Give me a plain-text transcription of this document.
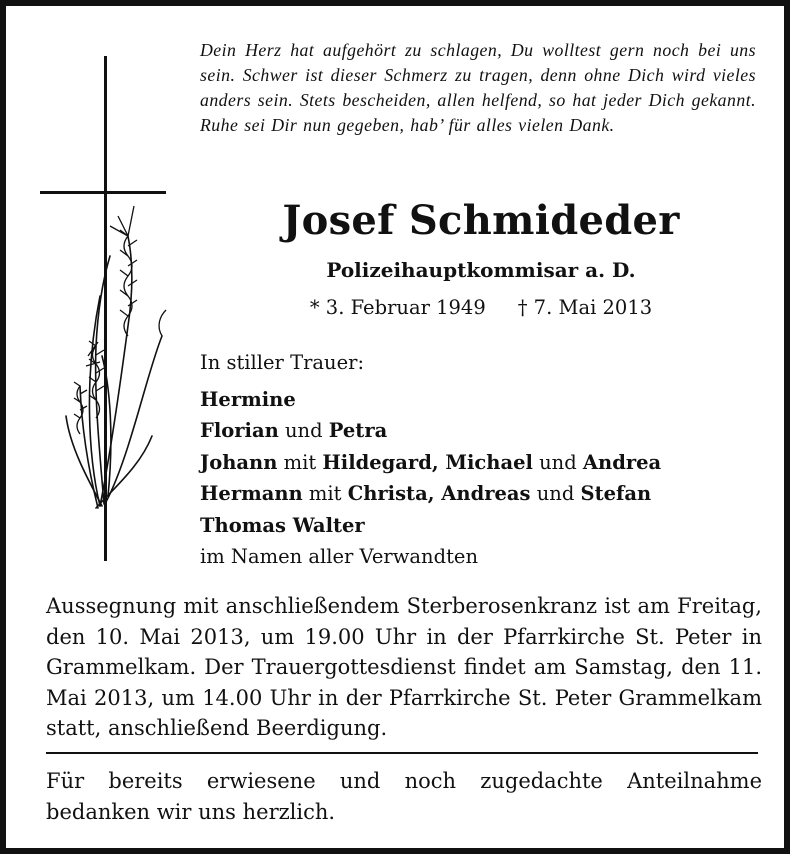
Dein Herz hat aufgehört zu schlagen, Du wolltest gern noch bei uns sein. Schwer ist dieser Schmerz zu tragen, denn ohne Dich wird vieles anders sein. Stets bescheiden, allen helfend, so hat jeder Dich gekannt. Ruhe sei Dir nun gegeben, hab’ für alles vielen Dank.
Josef Schmideder
Polizeihauptkommisar a. D.
* 3. Februar 1949 † 7. Mai 2013
In stiller Trauer:
Hermine
Florian und Petra
Johann mit Hildegard, Michael und Andrea
Hermann mit Christa, Andreas und Stefan
Thomas Walter
im Namen aller Verwandten
Aussegnung mit anschließendem Sterberosenkranz ist am Freitag, den 10. Mai 2013, um 19.00 Uhr in der Pfarrkirche St. Peter in Grammelkam. Der Trauergottesdienst findet am Samstag, den 11. Mai 2013, um 14.00 Uhr in der Pfarrkirche St. Peter Grammelkam statt, anschließend Beerdigung.
Für bereits erwiesene und noch zugedachte Anteilnahme bedanken wir uns herzlich.
